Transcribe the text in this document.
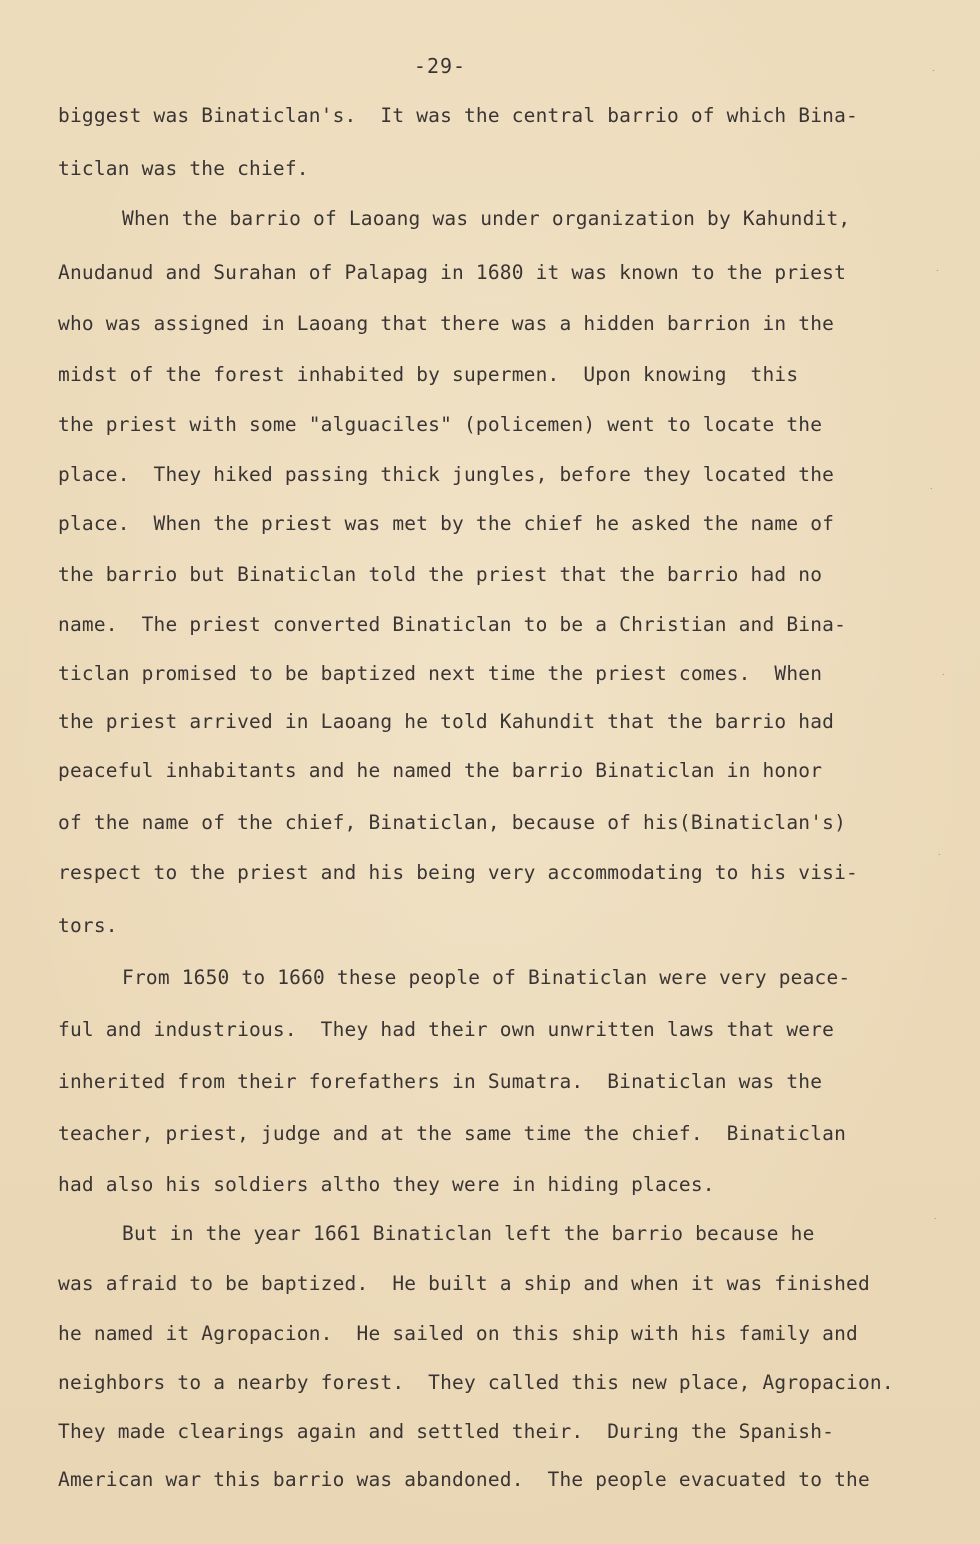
-29-
biggest was Binaticlan's.  It was the central barrio of which Bina-
ticlan was the chief.
When the barrio of Laoang was under organization by Kahundit,
Anudanud and Surahan of Palapag in 1680 it was known to the priest
who was assigned in Laoang that there was a hidden barrion in the
midst of the forest inhabited by supermen.  Upon knowing  this
the priest with some "alguaciles" (policemen) went to locate the
place.  They hiked passing thick jungles, before they located the
place.  When the priest was met by the chief he asked the name of
the barrio but Binaticlan told the priest that the barrio had no
name.  The priest converted Binaticlan to be a Christian and Bina-
ticlan promised to be baptized next time the priest comes.  When
the priest arrived in Laoang he told Kahundit that the barrio had
peaceful inhabitants and he named the barrio Binaticlan in honor
of the name of the chief, Binaticlan, because of his(Binaticlan's)
respect to the priest and his being very accommodating to his visi-
tors.
From 1650 to 1660 these people of Binaticlan were very peace-
ful and industrious.  They had their own unwritten laws that were
inherited from their forefathers in Sumatra.  Binaticlan was the
teacher, priest, judge and at the same time the chief.  Binaticlan
had also his soldiers altho they were in hiding places.
But in the year 1661 Binaticlan left the barrio because he
was afraid to be baptized.  He built a ship and when it was finished
he named it Agropacion.  He sailed on this ship with his family and
neighbors to a nearby forest.  They called this new place, Agropacion.
They made clearings again and settled their.  During the Spanish-
American war this barrio was abandoned.  The people evacuated to the
˙
˙
˙
˙
˙
˙
